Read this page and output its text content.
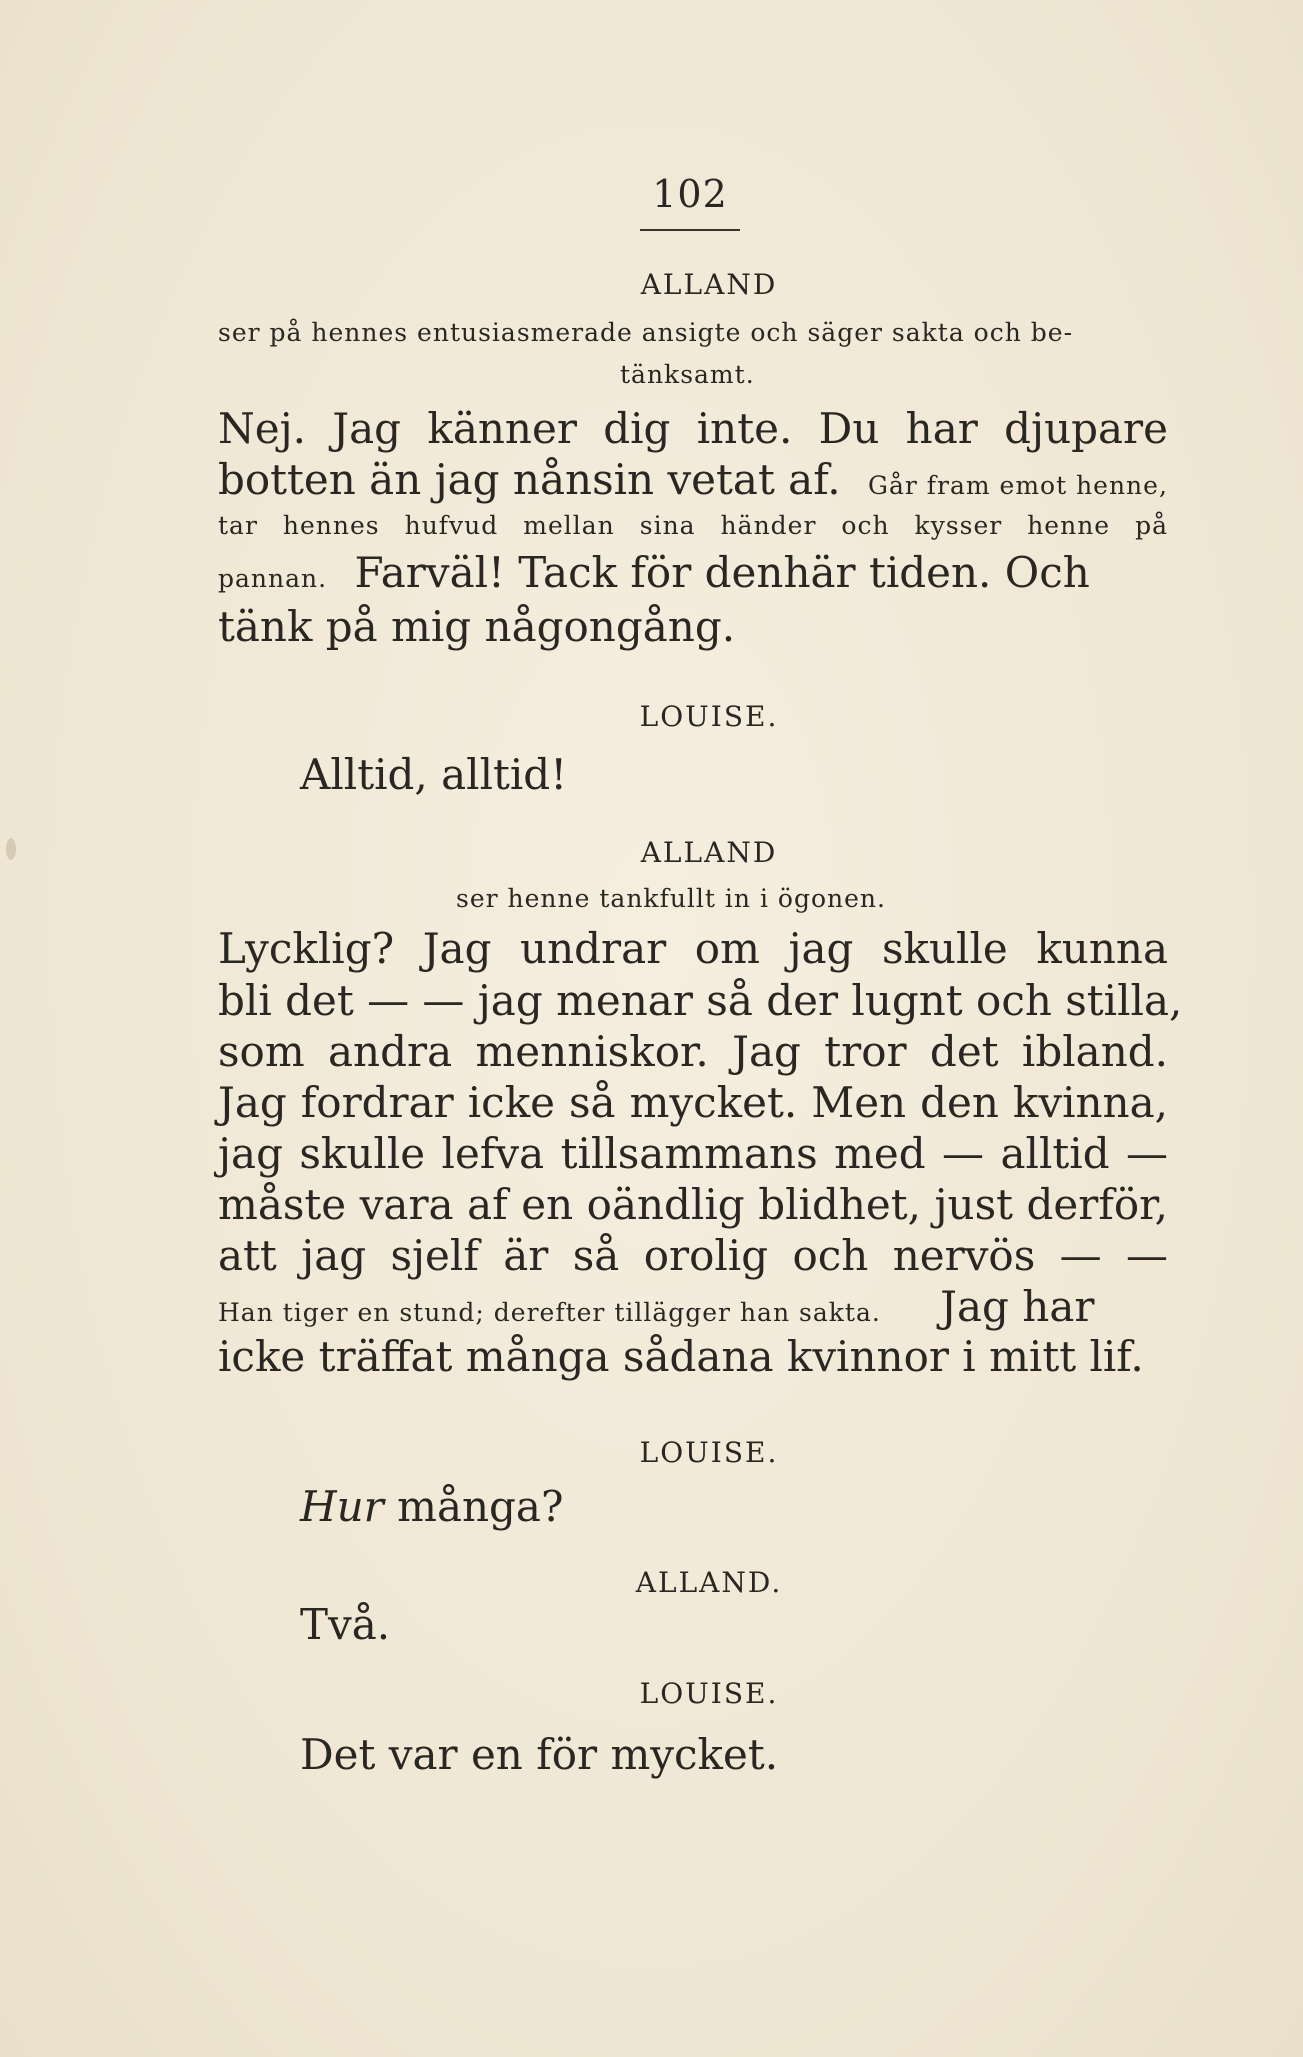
102
ALLAND
ser på hennes entusiasmerade ansigte och säger sakta och be-
tänksamt.
Nej. Jag känner dig inte. Du har djupare
botten än jag nånsin vetat af. Går fram emot henne,
tar hennes hufvud mellan sina händer och kysser henne på
pannan. Farväl! Tack för denhär tiden. Och
tänk på mig någongång.
LOUISE.
Alltid, alltid!
ALLAND
ser henne tankfullt in i ögonen.
Lycklig? Jag undrar om jag skulle kunna
bli det — — jag menar så der lugnt och stilla,
som andra menniskor. Jag tror det ibland.
Jag fordrar icke så mycket. Men den kvinna,
jag skulle lefva tillsammans med — alltid —
måste vara af en oändlig blidhet, just derför,
att jag sjelf är så orolig och nervös — —
Han tiger en stund; derefter tillägger han sakta. Jag har
icke träffat många sådana kvinnor i mitt lif.
LOUISE.
Hur många?
ALLAND.
Två.
LOUISE.
Det var en för mycket.
